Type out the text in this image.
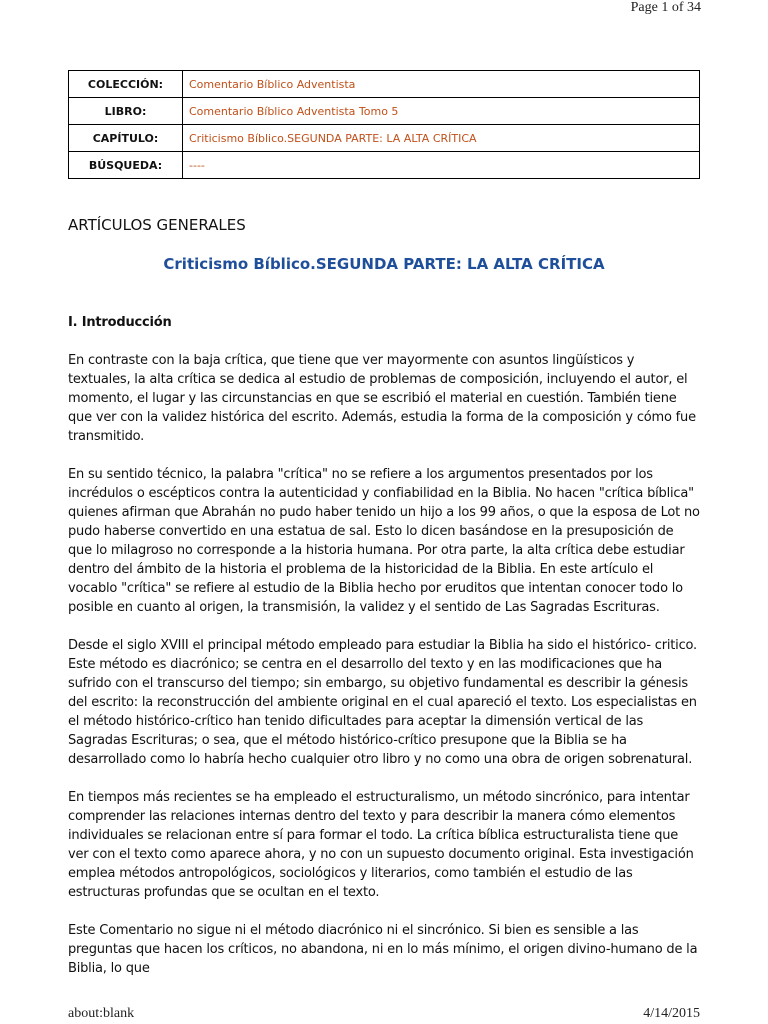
Page 1 of 34
COLECCIÓN:	Comentario Bíblico Adventista
LIBRO:	Comentario Bíblico Adventista Tomo 5
CAPÍTULO:	Criticismo Bíblico.SEGUNDA PARTE: LA ALTA CRÍTICA
BÚSQUEDA:	----
ARTÍCULOS GENERALES
Criticismo Bíblico.SEGUNDA PARTE: LA ALTA CRÍTICA
I. Introducción

En contraste con la baja crítica, que tiene que ver mayormente con asuntos lingüísticos y textuales, la alta crítica se dedica al estudio de problemas de composición, incluyendo el autor, el momento, el lugar y las circunstancias en que se escribió el material en cuestión. También tiene que ver con la validez histórica del escrito. Además, estudia la forma de la composición y cómo fue transmitido.

En su sentido técnico, la palabra "crítica" no se refiere a los argumentos presentados por los incrédulos o escépticos contra la autenticidad y confiabilidad en la Biblia. No hacen "crítica bíblica" quienes afirman que Abrahán no pudo haber tenido un hijo a los 99 años, o que la esposa de Lot no pudo haberse convertido en una estatua de sal. Esto lo dicen basándose en la presuposición de que lo milagroso no corresponde a la historia humana. Por otra parte, la alta crítica debe estudiar dentro del ámbito de la historia el problema de la historicidad de la Biblia. En este artículo el vocablo "crítica" se refiere al estudio de la Biblia hecho por eruditos que intentan conocer todo lo posible en cuanto al origen, la transmisión, la validez y el sentido de Las Sagradas Escrituras.

Desde el siglo XVIII el principal método empleado para estudiar la Biblia ha sido el histórico- critico. Este método es diacrónico; se centra en el desarrollo del texto y en las modificaciones que ha sufrido con el transcurso del tiempo; sin embargo, su objetivo fundamental es describir la génesis del escrito: la reconstrucción del ambiente original en el cual apareció el texto. Los especialistas en el método histórico-crítico han tenido dificultades para aceptar la dimensión vertical de las Sagradas Escrituras; o sea, que el método histórico-crítico presupone que la Biblia se ha desarrollado como lo habría hecho cualquier otro libro y no como una obra de origen sobrenatural.

En tiempos más recientes se ha empleado el estructuralismo, un método sincrónico, para intentar comprender las relaciones internas dentro del texto y para describir la manera cómo elementos individuales se relacionan entre sí para formar el todo. La crítica bíblica estructuralista tiene que ver con el texto como aparece ahora, y no con un supuesto documento original. Esta investigación emplea métodos antropológicos, sociológicos y literarios, como también el estudio de las estructuras profundas que se ocultan en el texto.

Este Comentario no sigue ni el método diacrónico ni el sincrónico. Si bien es sensible a las preguntas que hacen los críticos, no abandona, ni en lo más mínimo, el origen divino-humano de la Biblia, lo que

about:blank	4/14/2015
